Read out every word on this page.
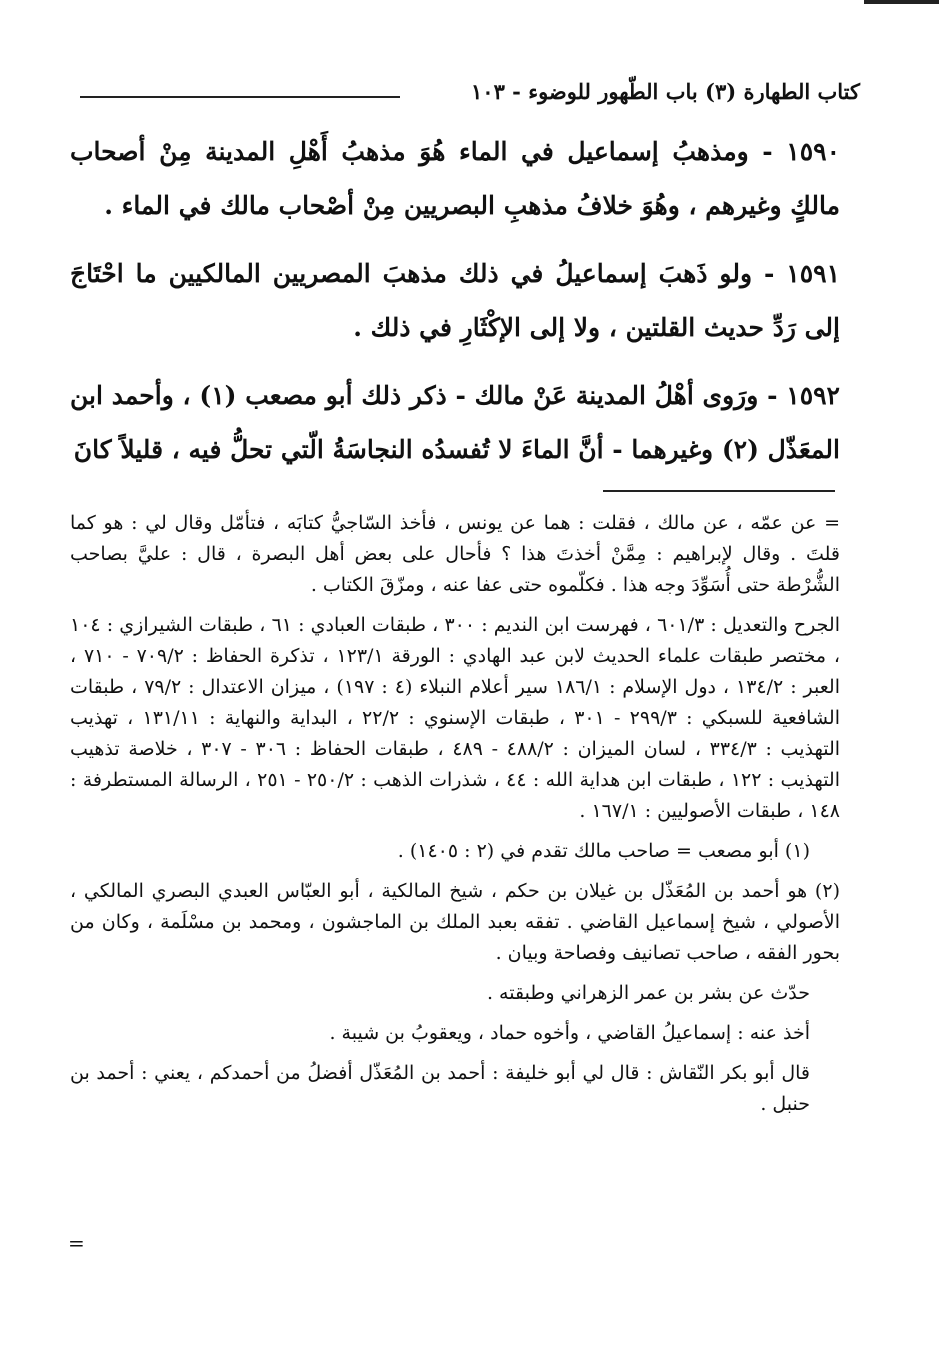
كتاب الطهارة (٣) باب الطّهور للوضوء - ١٠٣

١٥٩٠ - ومذهبُ إسماعيل في الماء هُوَ مذهبُ أَهْلِ المدينة مِنْ أصحاب مالكٍ وغيرهم ، وهُوَ خلافُ مذهبِ البصريين مِنْ أصْحاب مالك في الماء .

١٥٩١ - ولو ذَهبَ إسماعيلُ في ذلك مذهبَ المصريين المالكيين ما احْتَاجَ إلى رَدِّ حديث القلتين ، ولا إلى الإكْثَارِ في ذلك .

١٥٩٢ - ورَوى أهْلُ المدينة عَنْ مالك - ذكر ذلك أبو مصعب (١) ، وأحمد ابن المعَذّل (٢) وغيرهما - أنَّ الماءَ لا تُفسدُه النجاسَةُ الّتي تحلُّ فيه ، قليلاً كانَ

= عن عمّه ، عن مالك ، فقلت : هما عن يونس ، فأخذ السّاجيُّ كتابَه ، فتأمّل وقال لي : هو كما قلتَ . وقال لإبراهيم : مِمَّنْ أخذتَ هذا ؟ فأحال على بعض أهل البصرة ، قال : عليَّ بصاحب الشُّرْطة حتى أُسَوِّدَ وجه هذا . فكلّموه حتى عفا عنه ، ومزّقَ الكتاب .

الجرح والتعديل : ٦٠١/٣ ، فهرست ابن النديم : ٣٠٠ ، طبقات العبادي : ٦١ ، طبقات الشيرازي : ١٠٤ ، مختصر طبقات علماء الحديث لابن عبد الهادي : الورقة ١٢٣/١ ، تذكرة الحفاظ : ٧٠٩/٢ - ٧١٠ ، العبر : ١٣٤/٢ ، دول الإسلام : ١٨٦/١ سير أعلام النبلاء (٤ : ١٩٧) ، ميزان الاعتدال : ٧٩/٢ ، طبقات الشافعية للسبكي : ٢٩٩/٣ - ٣٠١ ، طبقات الإسنوي : ٢٢/٢ ، البداية والنهاية : ١٣١/١١ ، تهذيب التهذيب : ٣٣٤/٣ ، لسان الميزان : ٤٨٨/٢ - ٤٨٩ ، طبقات الحفاظ : ٣٠٦ - ٣٠٧ ، خلاصة تذهيب التهذيب : ١٢٢ ، طبقات ابن هداية الله : ٤٤ ، شذرات الذهب : ٢٥٠/٢ - ٢٥١ ، الرسالة المستطرفة : ١٤٨ ، طبقات الأصوليين : ١٦٧/١ .

(١) أبو مصعب = صاحب مالك تقدم في (٢ : ١٤٠٥) .

(٢) هو أحمد بن المُعَذّل بن غيلان بن حكم ، شيخ المالكية ، أبو العبّاس العبدي البصري المالكي ، الأصولي ، شيخ إسماعيل القاضي . تفقه بعبد الملك بن الماجشون ، ومحمد بن مسْلَمة ، وكان من بحور الفقه ، صاحب تصانيف وفصاحة وبيان .

حدّث عن بشر بن عمر الزهراني وطبقته .

أخذ عنه : إسماعيلُ القاضي ، وأخوه حماد ، ويعقوبُ بن شيبة .

قال أبو بكر النّقاش : قال لي أبو خليفة : أحمد بن المُعَذّل أفضلُ من أحمدكم ، يعني : أحمد بن حنبل .

=
